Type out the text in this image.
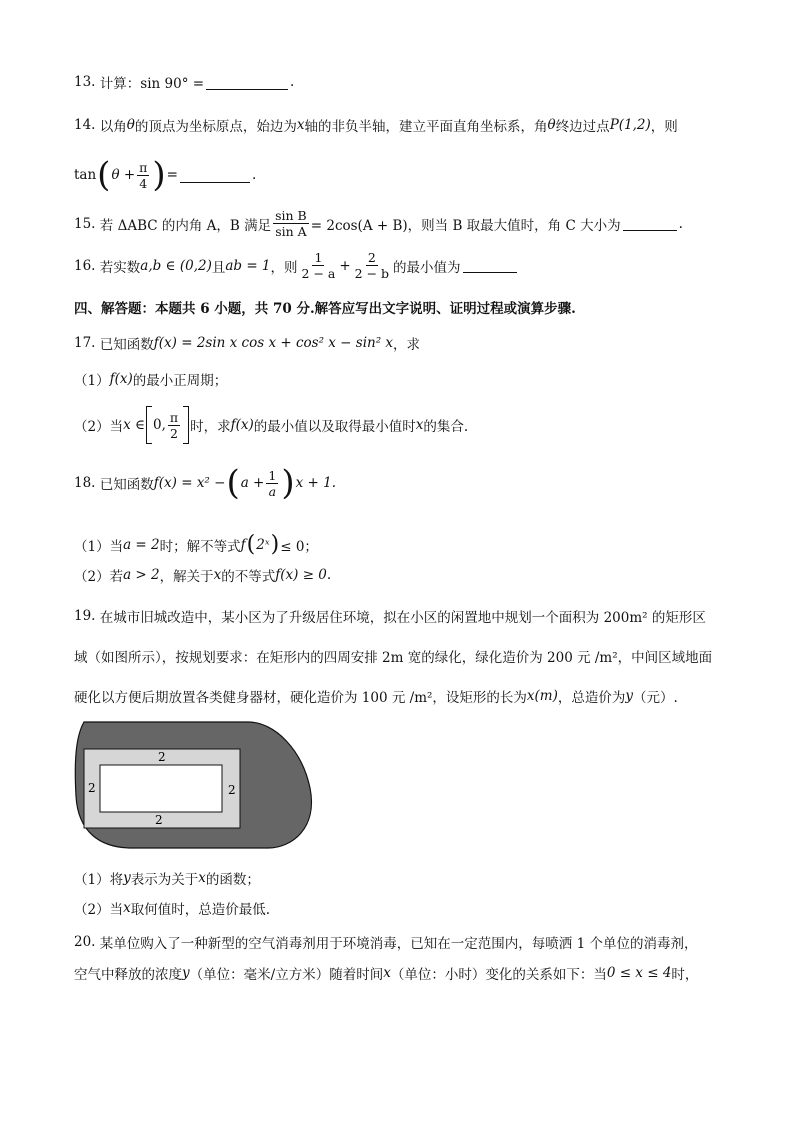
13.
计算：sin 90° =	.
14.
以角 θ 的顶点为坐标原点，始边为 x 轴的非负半轴，建立平面直角坐标系，角 θ 终边过点 P(1,2) ，则
tan ( $\theta + \frac{\pi}{4}$ ) =	.
15.
若 ΔABC 的内角 A，B 满足 $\frac{\text{sin B}}{\text{sin A}} = 2\cos(A + B)$，则当 B 取最大值时，角 C 大小为	.
16.
若实数 a,b ∈ (0,2) 且 ab = 1 ，则 $\frac{1}{2 - a} + \frac{2}{2 - b}$ 的最小值为
四、解答题：本题共 6 小题，共 70 分.解答应写出文字说明、证明过程或演算步骤.
17.
已知函数 f(x) = 2sin x cos x + cos² x − sin² x ，求
（1） f(x) 的最小正周期；
（2）当 x ∈ 0, $\frac{\pi}{2}$ 时，求 f(x) 的最小值以及取得最小值时 x 的集合.
18.
已知函数 f(x) = x² − ( $a + \frac{1}{a}$ ) x + 1.
（1）当 a = 2 时；解不等式 f ( 2ˣ ) ≤ 0；
（2）若 a > 2 ，解关于 x 的不等式 f(x) ≥ 0.
19.
在城市旧城改造中，某小区为了升级居住环境，拟在小区的闲置地中规划一个面积为 200m² 的矩形区
域（如图所示），按规划要求：在矩形内的四周安排 2m 宽的绿化，绿化造价为 200 元 /m²，中间区域地面
硬化以方便后期放置各类健身器材，硬化造价为 100 元 /m²，设矩形的长为 x(m) ，总造价为 y （元）.
2
2	2
2
（1）将 y 表示为关于 x 的函数；
（2）当 x 取何值时，总造价最低.
20.
某单位购入了一种新型的空气消毒剂用于环境消毒，已知在一定范围内，每喷洒 1 个单位的消毒剂，
空气中释放的浓度 y （单位：毫米/立方米）随着时间 x （单位：小时）变化的关系如下：当 0 ≤ x ≤ 4 时，
